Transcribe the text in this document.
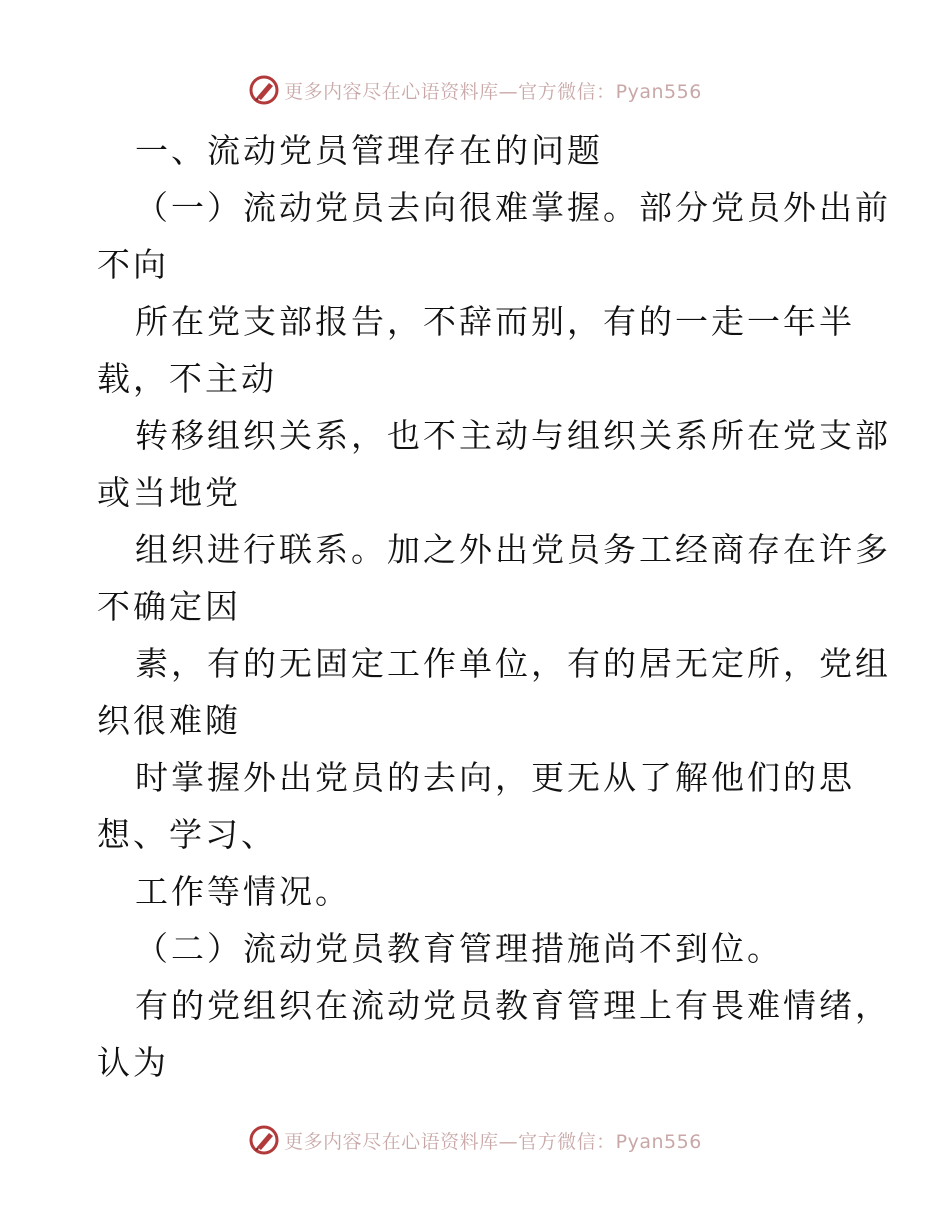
更多内容尽在心语资料库—官方微信：Pyan556
一、流动党员管理存在的问题
（一）流动党员去向很难掌握。部分党员外出前
不向
所在党支部报告，不辞而别，有的一走一年半
载，不主动
转移组织关系，也不主动与组织关系所在党支部
或当地党
组织进行联系。加之外出党员务工经商存在许多
不确定因
素，有的无固定工作单位，有的居无定所，党组
织很难随
时掌握外出党员的去向，更无从了解他们的思
想、学习、
工作等情况。
（二）流动党员教育管理措施尚不到位。
有的党组织在流动党员教育管理上有畏难情绪，
认为
更多内容尽在心语资料库—官方微信：Pyan556
